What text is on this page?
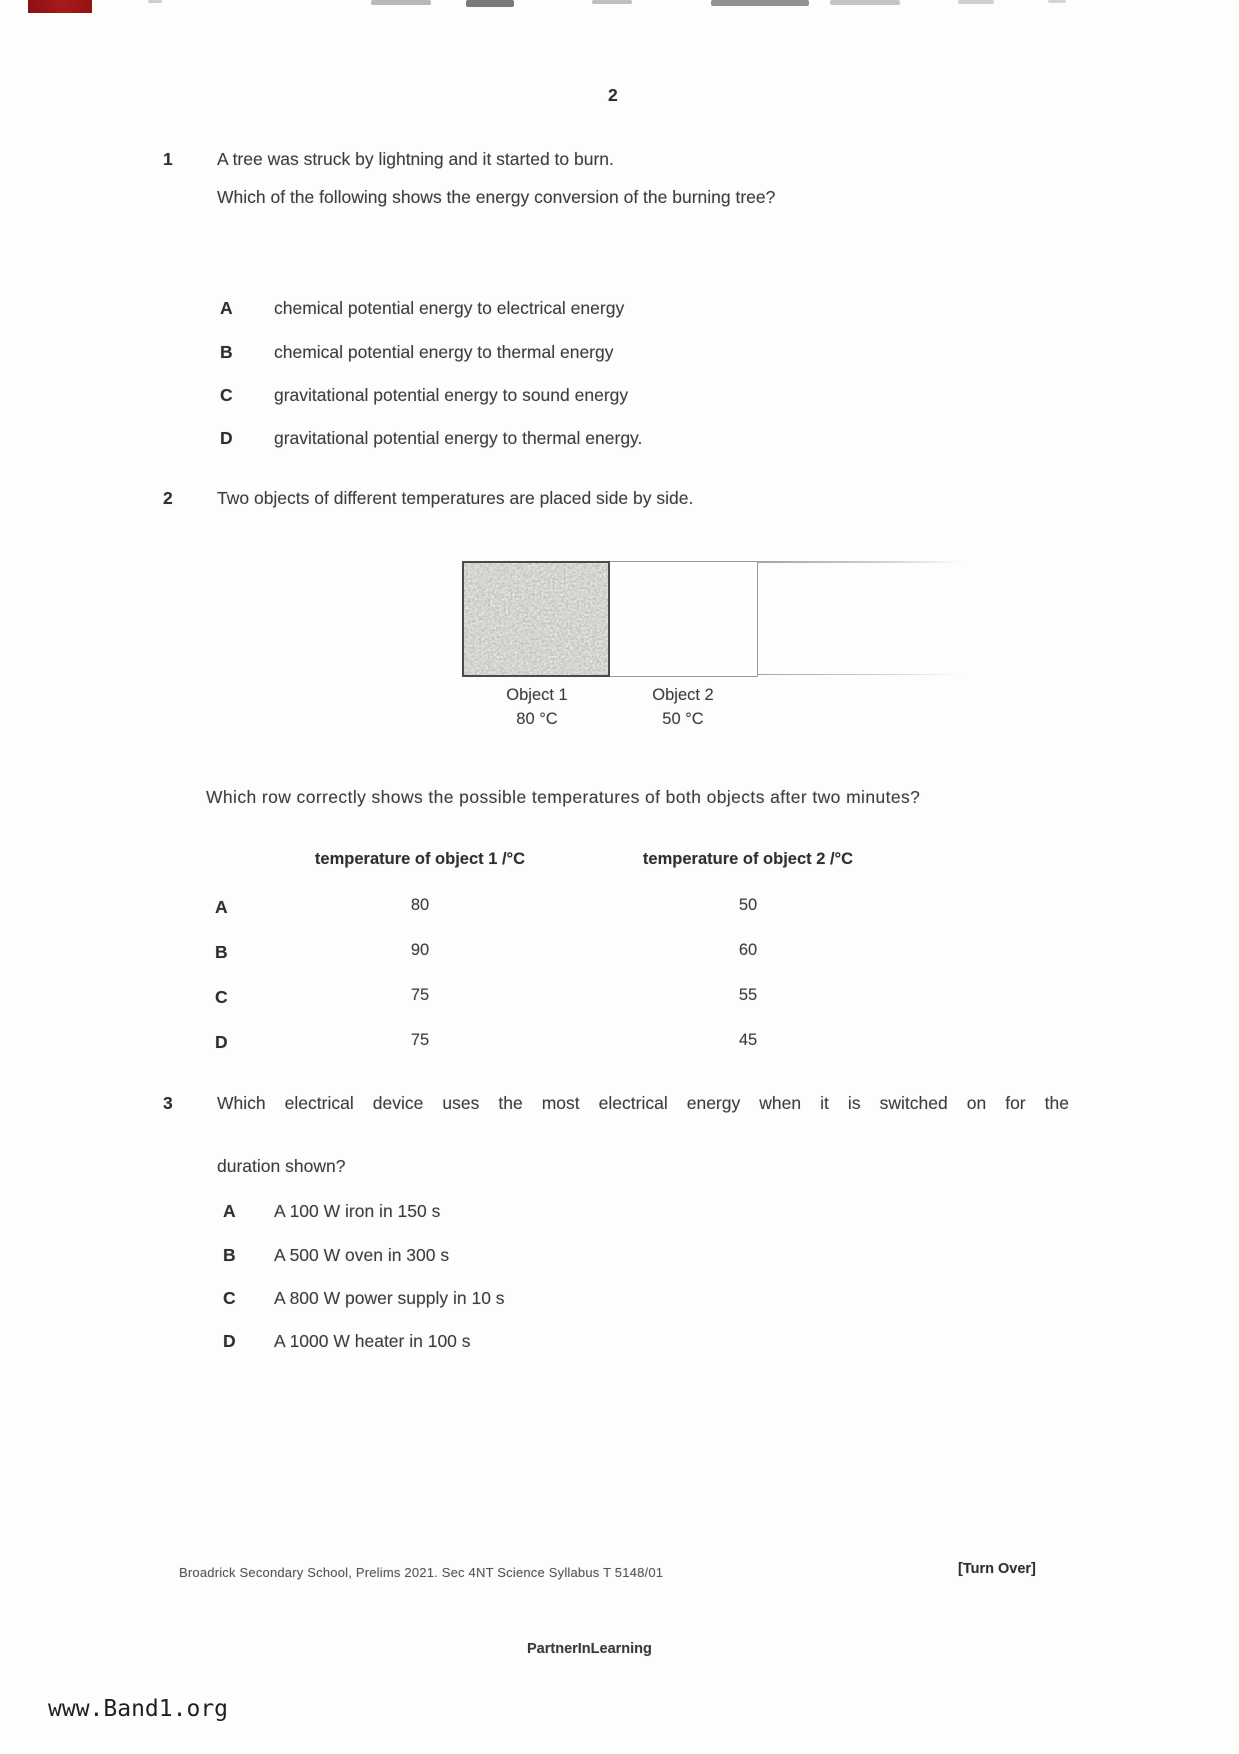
2
1	A tree was struck by lightning and it started to burn.
Which of the following shows the energy conversion of the burning tree?
A chemical potential energy to electrical energy
B chemical potential energy to thermal energy
C gravitational potential energy to sound energy
D gravitational potential energy to thermal energy.
2	Two objects of different temperatures are placed side by side.
Object 1
80 °C
Object 2
50 °C
Which row correctly shows the possible temperatures of both objects after two minutes?
temperature of object 1 /°C	temperature of object 2 /°C
A	80	50
B	90	60
C	75	55
D	75	45
3	Which electrical device uses the most electrical energy when it is switched on for the
duration shown?
A A 100 W iron in 150 s
B A 500 W oven in 300 s
C A 800 W power supply in 10 s
D A 1000 W heater in 100 s
Broadrick Secondary School, Prelims 2021. Sec 4NT Science Syllabus T 5148/01	[Turn Over]
PartnerInLearning
www.Band1.org
